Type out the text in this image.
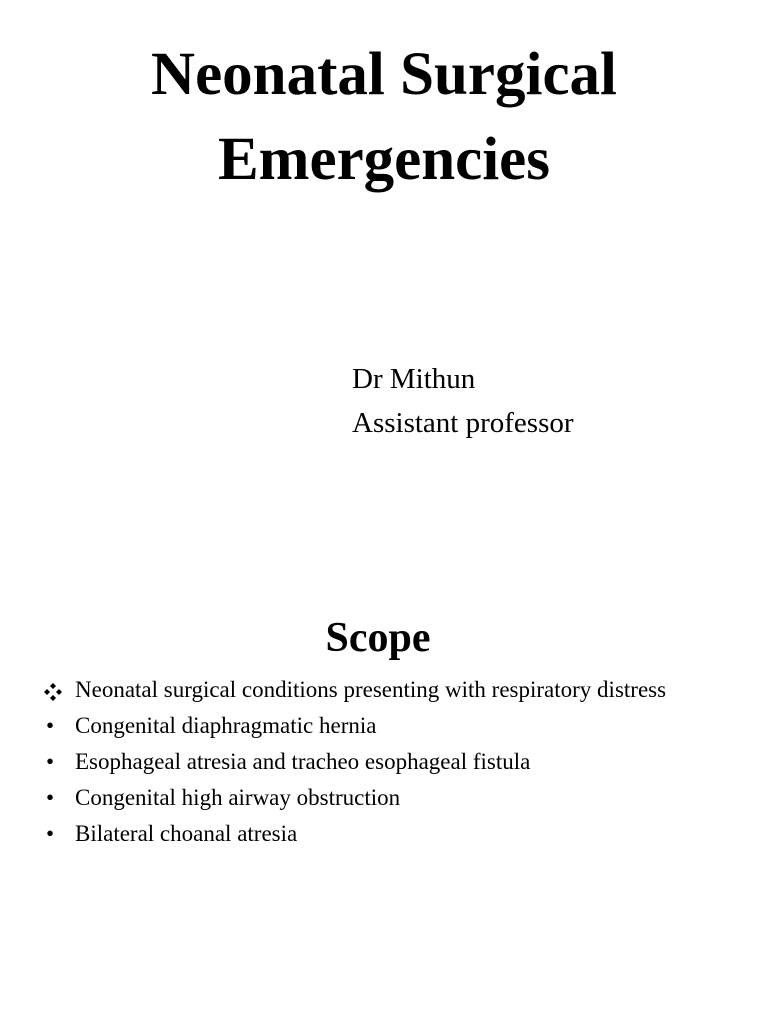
Neonatal Surgical
Emergencies
Dr Mithun
Assistant professor
Scope
Neonatal surgical conditions presenting with respiratory distress
• Congenital diaphragmatic hernia
• Esophageal atresia and tracheo esophageal fistula
• Congenital high airway obstruction
• Bilateral choanal atresia
